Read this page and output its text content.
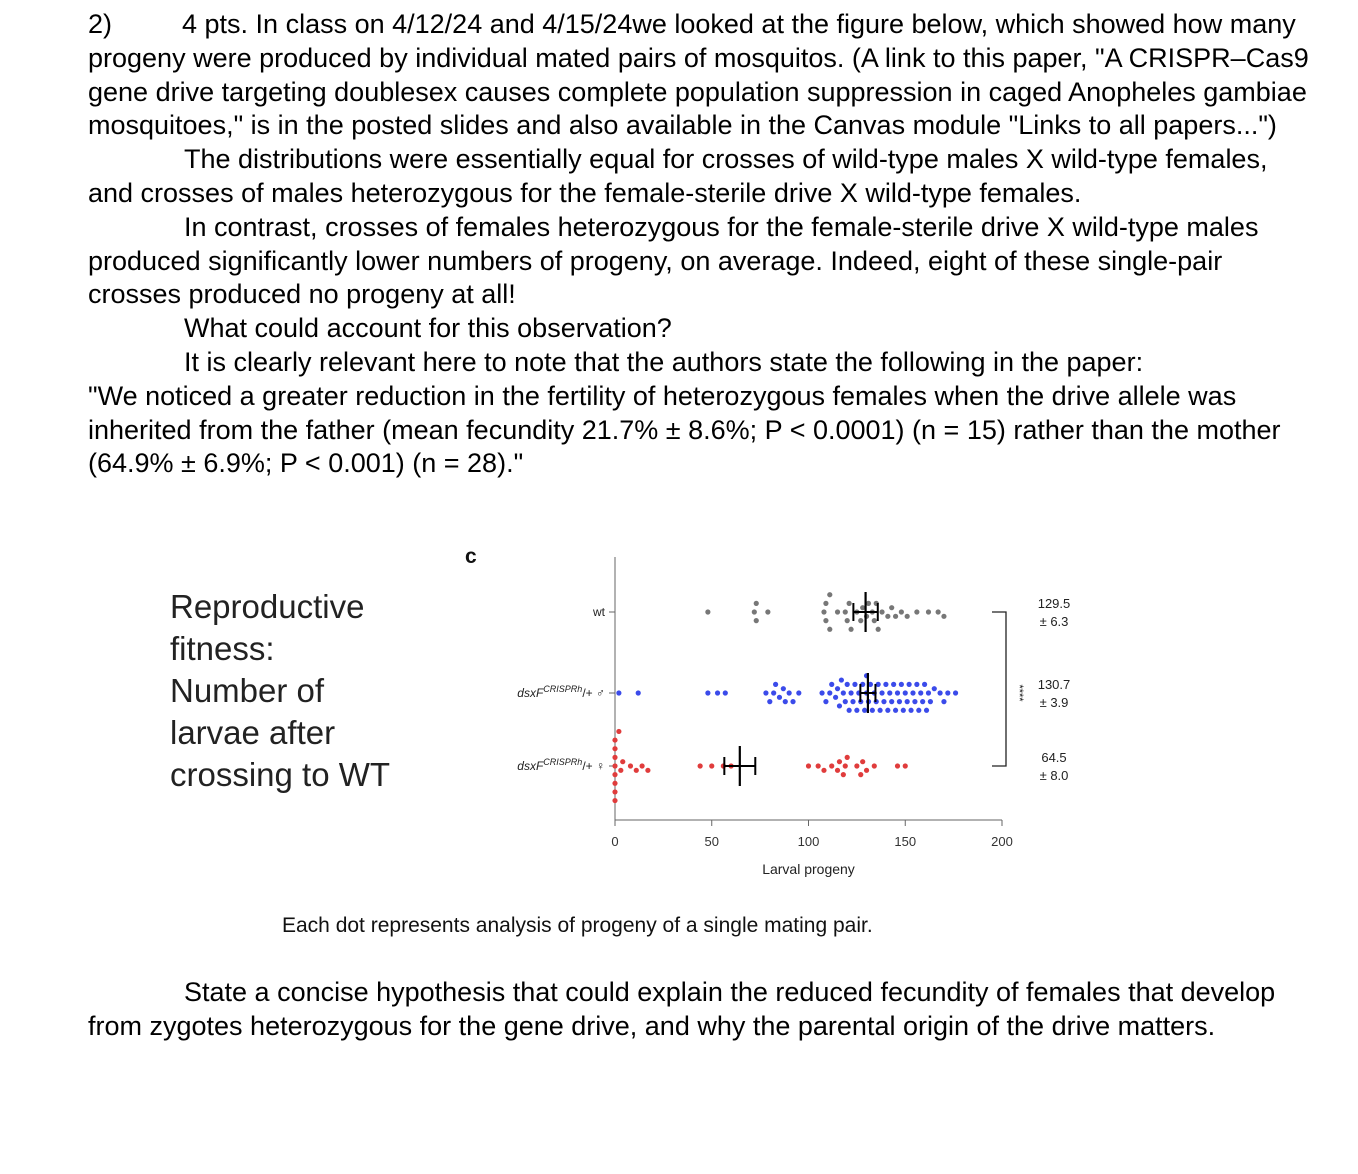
2)	4 pts. In class on 4/12/24 and 4/15/24we looked at the figure below, which showed how many progeny were produced by individual mated pairs of mosquitos. (A link to this paper, "A CRISPR–Cas9 gene drive targeting doublesex causes complete population suppression in caged Anopheles gambiae mosquitoes," is in the posted slides and also available in the Canvas module "Links to all papers...")

The distributions were essentially equal for crosses of wild-type males X wild-type females, and crosses of males heterozygous for the female-sterile drive X wild-type females.

In contrast, crosses of females heterozygous for the female-sterile drive X wild-type males produced significantly lower numbers of progeny, on average. Indeed, eight of these single-pair crosses produced no progeny at all!

What could account for this observation?

It is clearly relevant here to note that the authors state the following in the paper:

"We noticed a greater reduction in the fertility of heterozygous females when the drive allele was inherited from the father (mean fecundity 21.7% ± 8.6%; P < 0.0001) (n = 15) rather than the mother (64.9% ± 6.9%; P < 0.001) (n = 28)."

Reproductive
fitness:
Number of
larvae after
crossing to WT
c
0	50	100	150	200
Larval progeny
wt
129.5
± 6.3
dsxF$^{CRISPRh}$/+ ♂
130.7
± 3.9
dsxF$^{CRISPRh}$/+ ♀
64.5
± 8.0
****
Each dot represents analysis of progeny of a single mating pair.

State a concise hypothesis that could explain the reduced fecundity of females that develop from zygotes heterozygous for the gene drive, and why the parental origin of the drive matters.
